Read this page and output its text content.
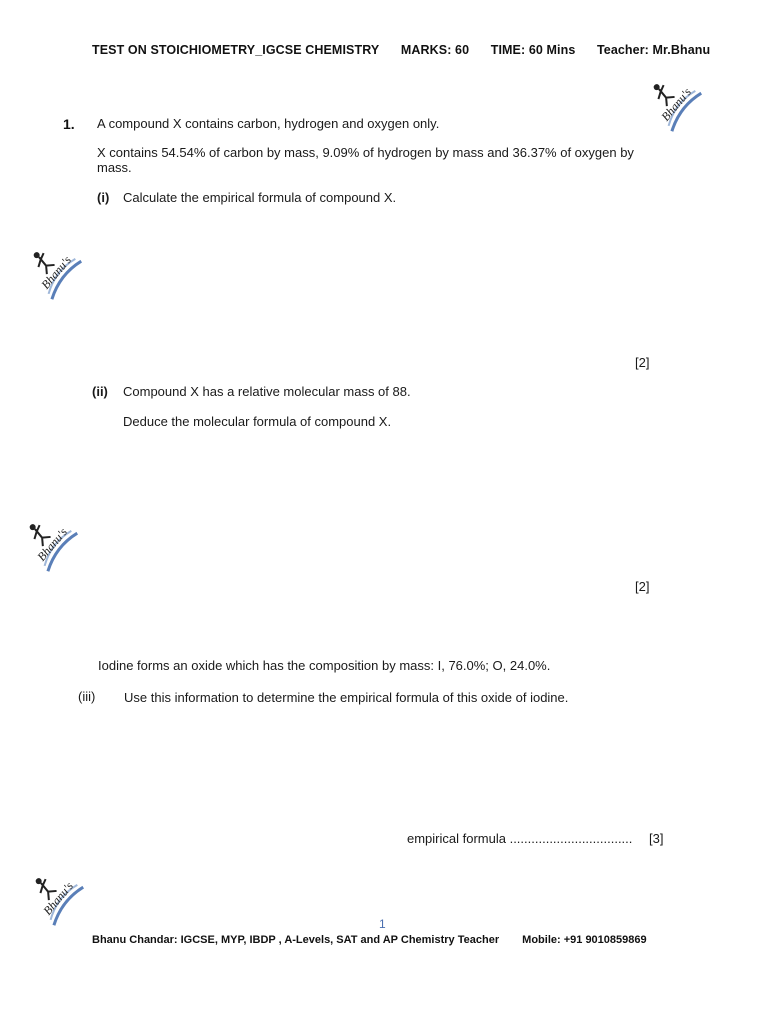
TEST ON STOICHIOMETRY_IGCSE CHEMISTRY MARKS: 60 TIME: 60 Mins Teacher: Mr.Bhanu
Bhanu's
Bhanu's
Bhanu's
Bhanu's
1. A compound X contains carbon, hydrogen and oxygen only.
X contains 54.54% of carbon by mass, 9.09% of hydrogen by mass and 36.37% of oxygen by mass.
(i) Calculate the empirical formula of compound X.
[2]
(ii) Compound X has a relative molecular mass of 88.
Deduce the molecular formula of compound X.
[2]
Iodine forms an oxide which has the composition by mass: I, 76.0%; O, 24.0%.
(iii) Use this information to determine the empirical formula of this oxide of iodine.
empirical formula .................................. [3]
1
Bhanu Chandar: IGCSE, MYP, IBDP , A-Levels, SAT and AP Chemistry Teacher Mobile: +91 9010859869
